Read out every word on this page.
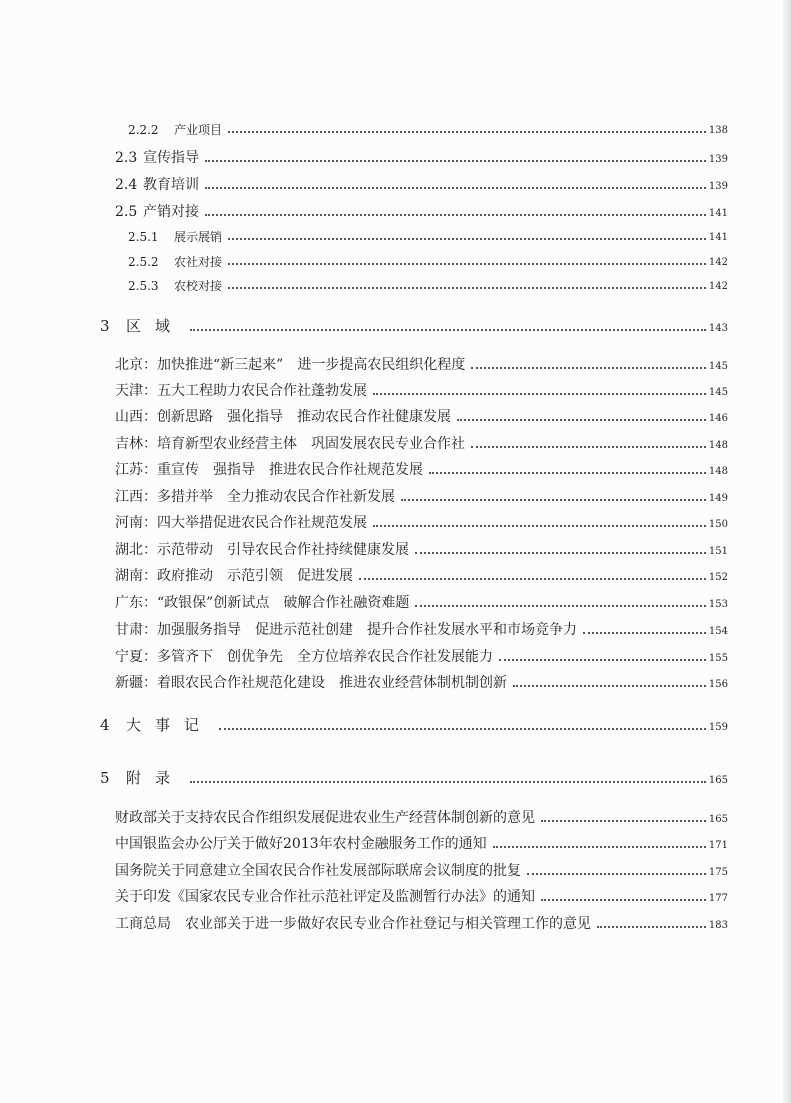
2.2.2	产业项目	138
2.3 宣传指导	139
2.4 教育培训	139
2.5 产销对接	141
2.5.1	展示展销	141
2.5.2	农社对接	142
2.5.3	农校对接	142
3	区域	143
北京：加快推进“新三起来”　进一步提高农民组织化程度	145
天津：五大工程助力农民合作社蓬勃发展	145
山西：创新思路　强化指导　推动农民合作社健康发展	146
吉林：培育新型农业经营主体　巩固发展农民专业合作社	148
江苏：重宣传　强指导　推进农民合作社规范发展	148
江西：多措并举　全力推动农民合作社新发展	149
河南：四大举措促进农民合作社规范发展	150
湖北：示范带动　引导农民合作社持续健康发展	151
湖南：政府推动　示范引领　促进发展	152
广东：“政银保”创新试点　破解合作社融资难题	153
甘肃：加强服务指导　促进示范社创建　提升合作社发展水平和市场竞争力	154
宁夏：多管齐下　创优争先　全方位培养农民合作社发展能力	155
新疆：着眼农民合作社规范化建设　推进农业经营体制机制创新	156
4	大事记	159
5	附录	165
财政部关于支持农民合作组织发展促进农业生产经营体制创新的意见	165
中国银监会办公厅关于做好2013年农村金融服务工作的通知	171
国务院关于同意建立全国农民合作社发展部际联席会议制度的批复	175
关于印发《国家农民专业合作社示范社评定及监测暂行办法》的通知	177
工商总局　农业部关于进一步做好农民专业合作社登记与相关管理工作的意见	183
